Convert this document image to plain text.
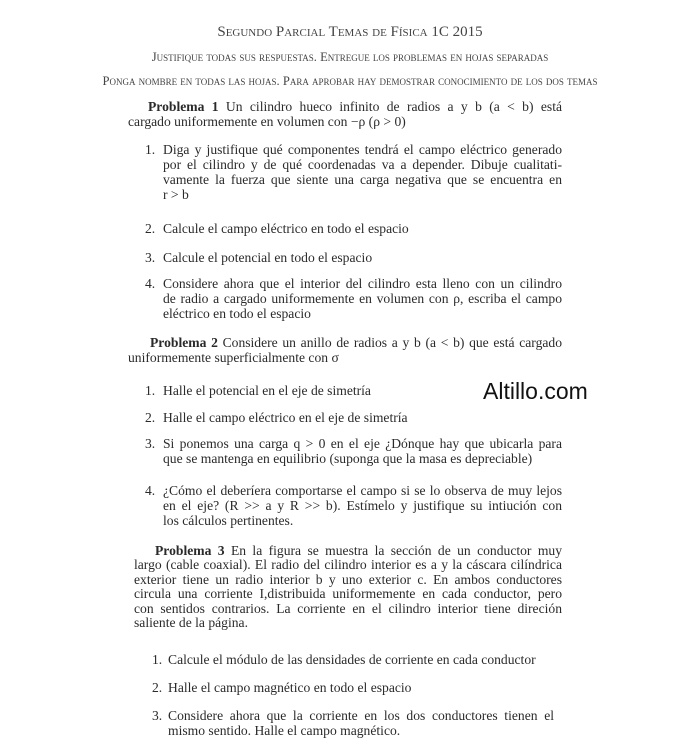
Segundo Parcial Temas de Física 1C 2015
Justifique todas sus respuestas. Entregue los problemas en hojas separadas
Ponga nombre en todas las hojas. Para aprobar hay demostrar conocimiento de los dos temas
Altillo.com
Problema 1 Un cilindro hueco infinito de radios a y b (a < b) está
cargado uniformemente en volumen con −ρ (ρ > 0)
1. Diga y justifique qué componentes tendrá el campo eléctrico generado
por el cilindro y de qué coordenadas va a depender. Dibuje cualitati-
vamente la fuerza que siente una carga negativa que se encuentra en
r > b
2. Calcule el campo eléctrico en todo el espacio
3. Calcule el potencial en todo el espacio
4. Considere ahora que el interior del cilindro esta lleno con un cilindro
de radio a cargado uniformemente en volumen con ρ, escriba el campo
eléctrico en todo el espacio
Problema 2 Considere un anillo de radios a y b (a < b) que está cargado
uniformemente superficialmente con σ
1. Halle el potencial en el eje de simetría
2. Halle el campo eléctrico en el eje de simetría
3. Si ponemos una carga q > 0 en el eje ¿Dónque hay que ubicarla para
que se mantenga en equilibrio (suponga que la masa es depreciable)
4. ¿Cómo el deberíera comportarse el campo si se lo observa de muy lejos
en el eje? (R >> a y R >> b). Estímelo y justifique su intiución con
los cálculos pertinentes.
Problema 3 En la figura se muestra la sección de un conductor muy
largo (cable coaxial). El radio del cilindro interior es a y la cáscara cilíndrica
exterior tiene un radio interior b y uno exterior c. En ambos conductores
circula una corriente I,distribuida uniformemente en cada conductor, pero
con sentidos contrarios. La corriente en el cilindro interior tiene direción
saliente de la página.
1. Calcule el módulo de las densidades de corriente en cada conductor
2. Halle el campo magnético en todo el espacio
3. Considere ahora que la corriente en los dos conductores tienen el
mismo sentido. Halle el campo magnético.
